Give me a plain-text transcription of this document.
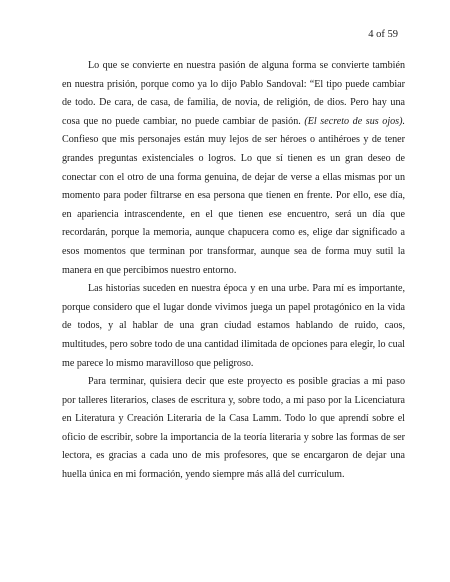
4 of 59

Lo que se convierte en nuestra pasión de alguna forma se convierte también en nuestra prisión, porque como ya lo dijo Pablo Sandoval: “El tipo puede cambiar de todo. De cara, de casa, de familia, de novia, de religión, de dios. Pero hay una cosa que no puede cambiar, no puede cambiar de pasión. (El secreto de sus ojos). Confieso que mis personajes están muy lejos de ser héroes o antihéroes y de tener grandes preguntas existenciales o logros. Lo que sí tienen es un gran deseo de conectar con el otro de una forma genuina, de dejar de verse a ellas mismas por un momento para poder filtrarse en esa persona que tienen en frente. Por ello, ese día, en apariencia intrascendente, en el que tienen ese encuentro, será un día que recordarán, porque la memoria, aunque chapucera como es, elige dar significado a esos momentos que terminan por transformar, aunque sea de forma muy sutil la manera en que percibimos nuestro entorno.

Las historias suceden en nuestra época y en una urbe. Para mí es importante, porque considero que el lugar donde vivimos juega un papel protagónico en la vida de todos, y al hablar de una gran ciudad estamos hablando de ruido, caos, multitudes, pero sobre todo de una cantidad ilimitada de opciones para elegir, lo cual me parece lo mismo maravilloso que peligroso.

Para terminar, quisiera decir que este proyecto es posible gracias a mi paso por talleres literarios, clases de escritura y, sobre todo, a mi paso por la Licenciatura en Literatura y Creación Literaria de la Casa Lamm. Todo lo que aprendí sobre el oficio de escribir, sobre la importancia de la teoría literaria y sobre las formas de ser lectora, es gracias a cada uno de mis profesores, que se encargaron de dejar una huella única en mi formación, yendo siempre más allá del currículum.
